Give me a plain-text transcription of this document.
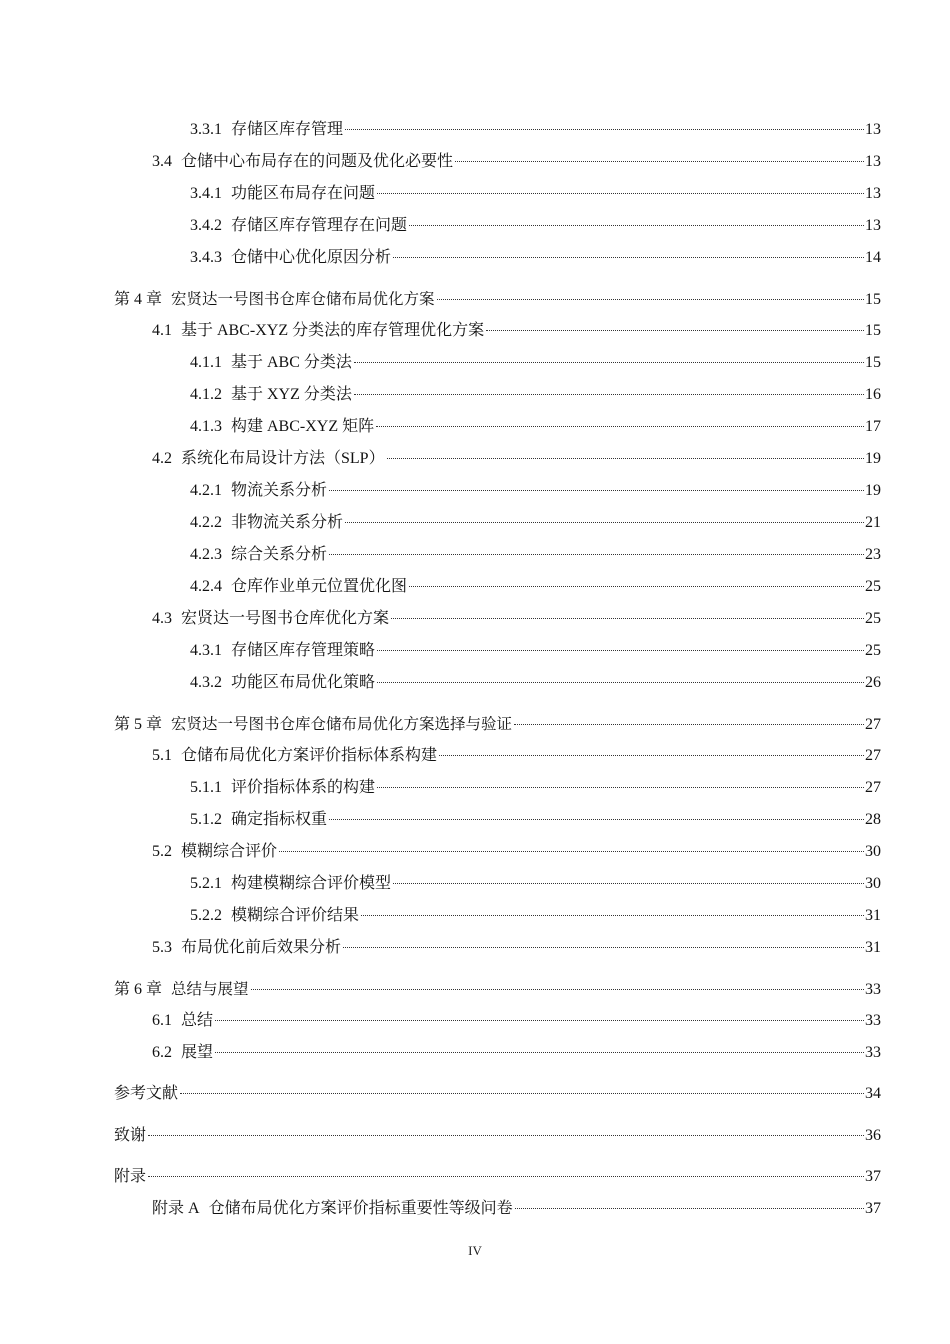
3.3.1 存储区库存管理	13
3.4 仓储中心布局存在的问题及优化必要性	13
3.4.1 功能区布局存在问题	13
3.4.2 存储区库存管理存在问题	13
3.4.3 仓储中心优化原因分析	14
第 4 章 宏贤达一号图书仓库仓储布局优化方案	15
4.1 基于 ABC-XYZ 分类法的库存管理优化方案	15
4.1.1 基于 ABC 分类法	15
4.1.2 基于 XYZ 分类法	16
4.1.3 构建 ABC-XYZ 矩阵	17
4.2 系统化布局设计方法（SLP）	19
4.2.1 物流关系分析	19
4.2.2 非物流关系分析	21
4.2.3 综合关系分析	23
4.2.4 仓库作业单元位置优化图	25
4.3 宏贤达一号图书仓库优化方案	25
4.3.1 存储区库存管理策略	25
4.3.2 功能区布局优化策略	26
第 5 章 宏贤达一号图书仓库仓储布局优化方案选择与验证	27
5.1 仓储布局优化方案评价指标体系构建	27
5.1.1 评价指标体系的构建	27
5.1.2 确定指标权重	28
5.2 模糊综合评价	30
5.2.1 构建模糊综合评价模型	30
5.2.2 模糊综合评价结果	31
5.3 布局优化前后效果分析	31
第 6 章 总结与展望	33
6.1 总结	33
6.2 展望	33
参考文献	34
致谢	36
附录	37
附录 A 仓储布局优化方案评价指标重要性等级问卷	37
IV
